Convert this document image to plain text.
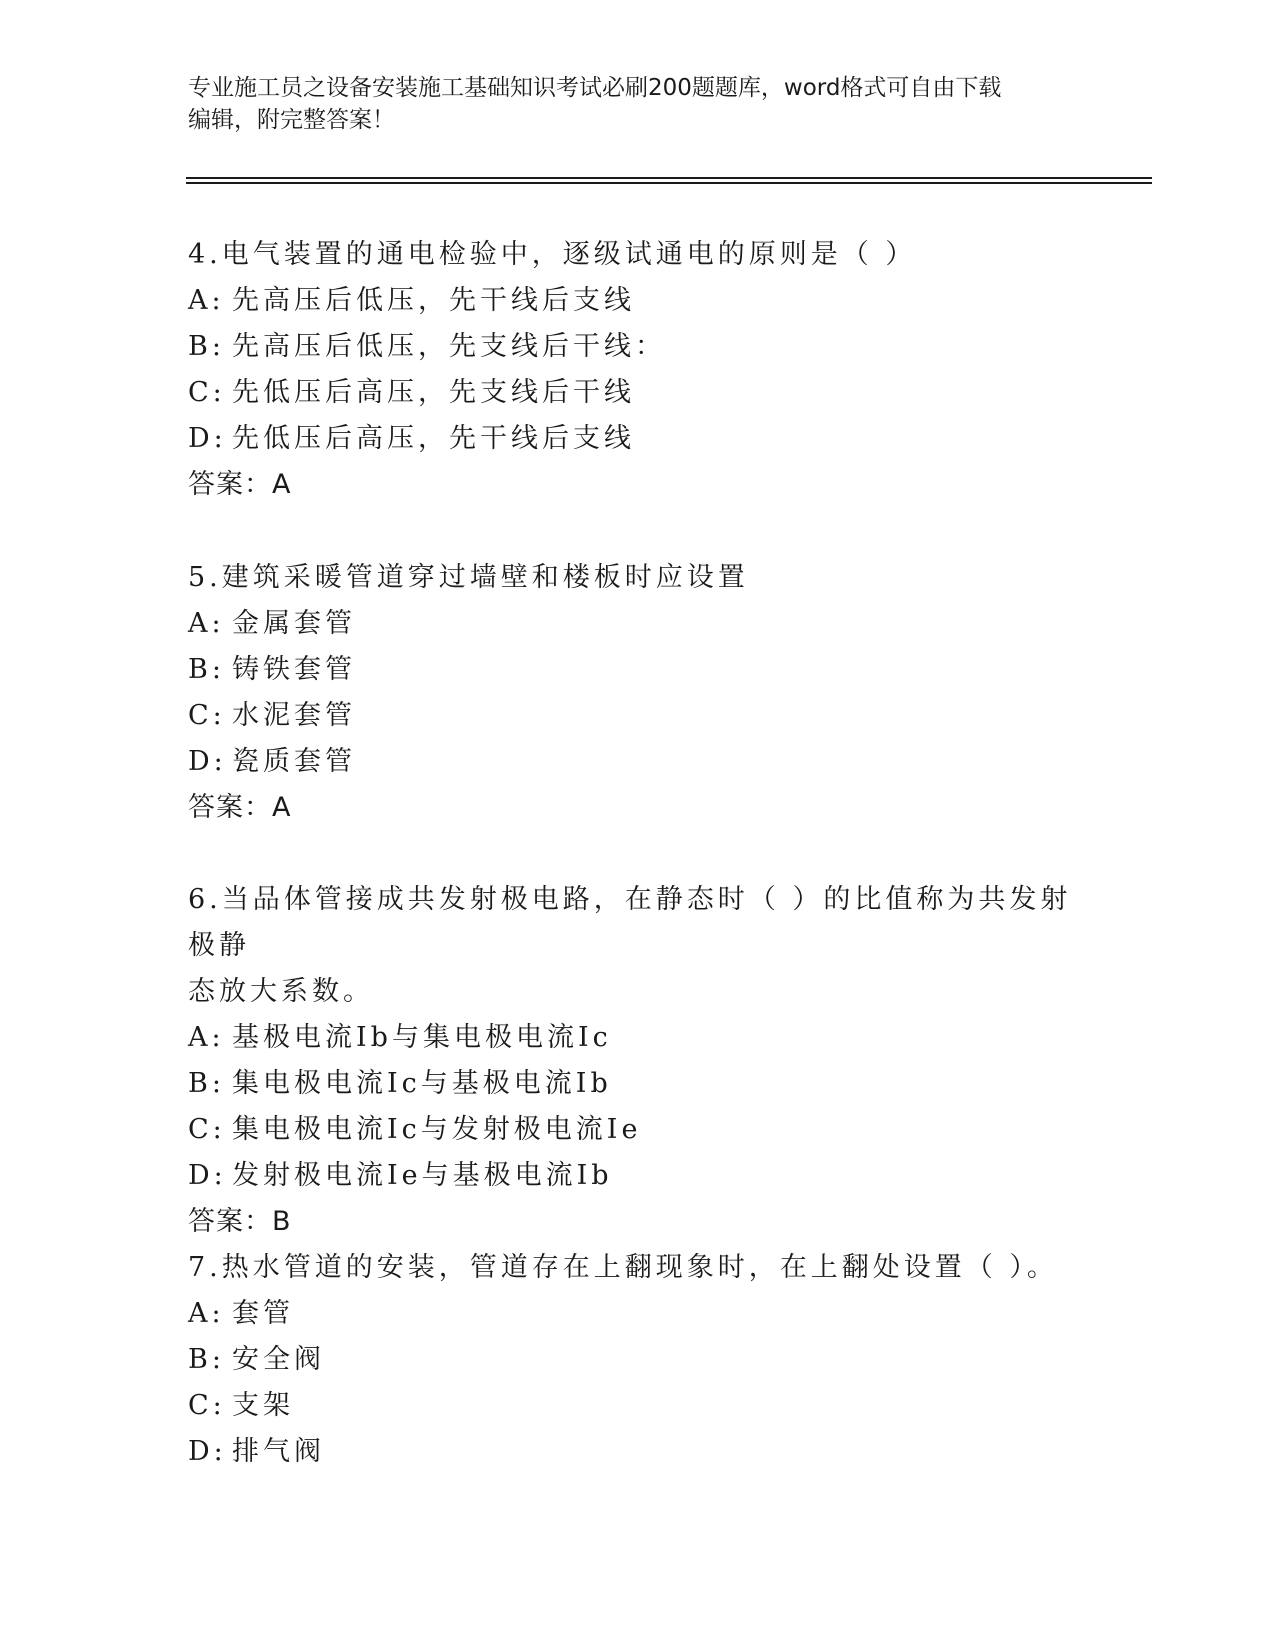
专业施工员之设备安装施工基础知识考试必刷200题题库，word格式可自由下载
编辑，附完整答案！
4.电气装置的通电检验中，逐级试通电的原则是（ ）
A: 先高压后低压，先干线后支线
B: 先高压后低压，先支线后干线：
C: 先低压后高压，先支线后干线
D: 先低压后高压，先干线后支线
答案：A
5.建筑采暖管道穿过墙壁和楼板时应设置
A: 金属套管
B: 铸铁套管
C: 水泥套管
D: 瓷质套管
答案：A
6.当品体管接成共发射极电路，在静态时（ ）的比值称为共发射极静
态放大系数。
A: 基极电流Ib与集电极电流Ic
B: 集电极电流Ic与基极电流Ib
C: 集电极电流Ic与发射极电流Ie
D: 发射极电流Ie与基极电流Ib
答案：B
7.热水管道的安装，管道存在上翻现象时，在上翻处设置（ ）。
A: 套管
B: 安全阀
C: 支架
D: 排气阀
